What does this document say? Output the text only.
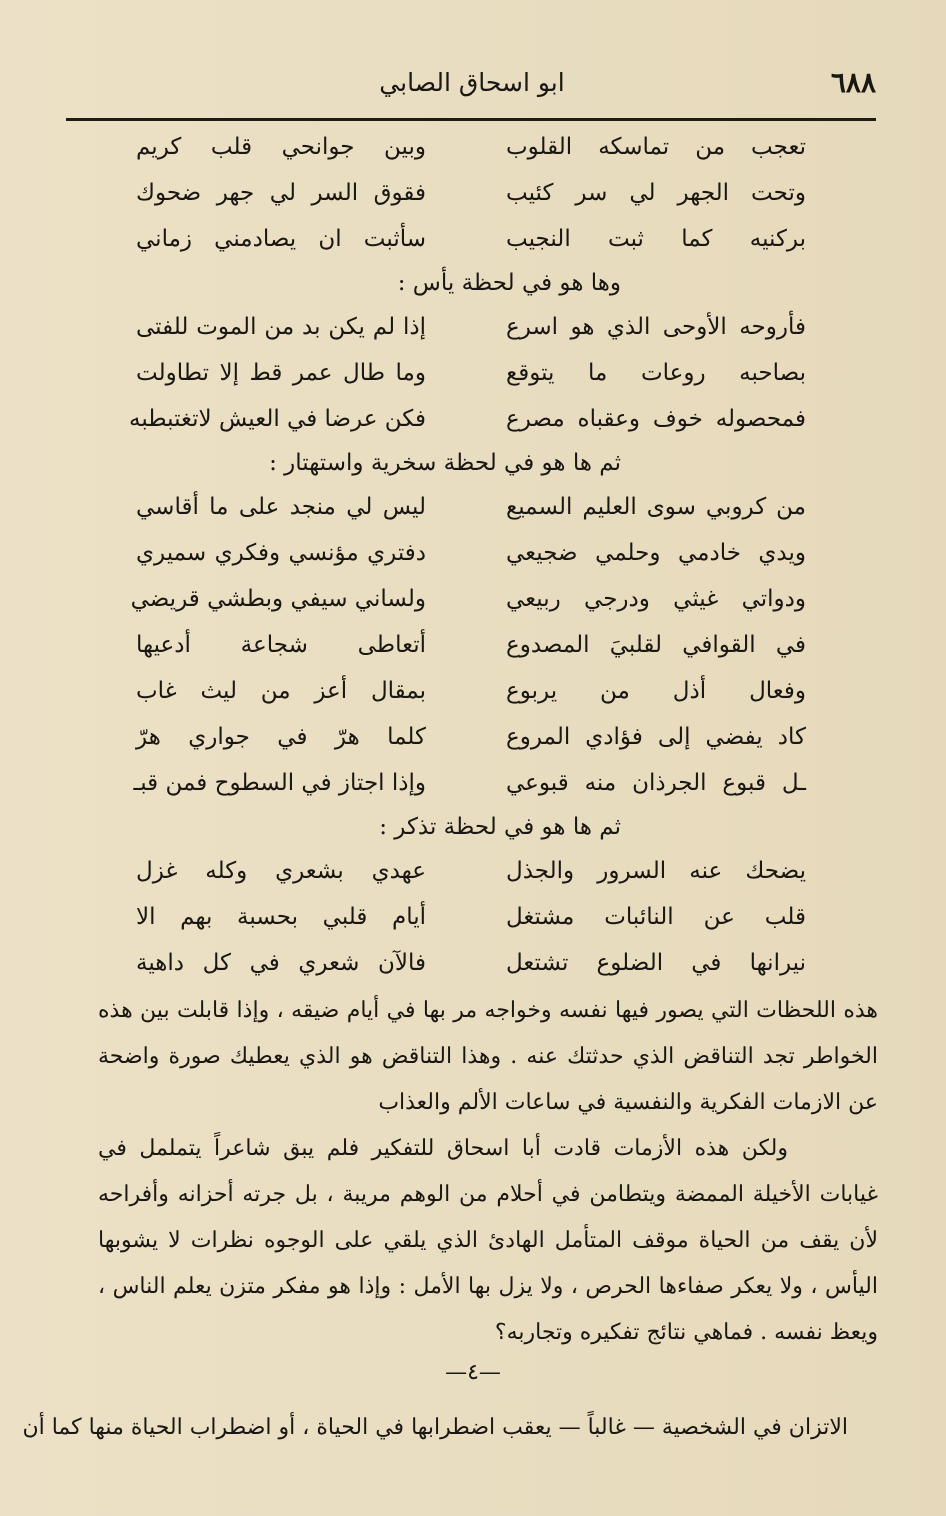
٦٨٨
ابو اسحاق الصابي
وبين جوانحي قلب كريم	تعجب من تماسكه القلوب
فقوق السر لي جهر ضحوك	وتحت الجهر لي سر كئيب
سأثبت ان يصادمني زماني	بركنيه كما ثبت النجيب
وها هو في لحظة يأس :
إذا لم يكن بد من الموت للفتى	فأروحه الأوحى الذي هو اسرع
وما طال عمر قط إلا تطاولت	بصاحبه روعات ما يتوقع
فكن عرضا في العيش لاتغتبطبه	فمحصوله خوف وعقباه مصرع
ثم ها هو في لحظة سخرية واستهتار :
ليس لي منجد على ما أقاسي	من كروبي سوى العليم السميع
دفتري مؤنسي وفكري سميري	ويدي خادمي وحلمي ضجيعي
ولساني سيفي وبطشي قريضي	ودواتي غيثي ودرجي ربيعي
أتعاطى شجاعة أدعيها	في القوافي لقلبيَ المصدوع
بمقال أعز من ليث غاب	وفعال أذل من يربوع
كلما هرّ في جواري هرّ	كاد يفضي إلى فؤادي المروع
وإذا اجتاز في السطوح فمن قبـ	ـل قبوع الجرذان منه قبوعي
ثم ها هو في لحظة تذكر :
عهدي بشعري وكله غزل	يضحك عنه السرور والجذل
أيام قلبي بحسبة بهم الا	قلب عن النائبات مشتغل
فالآن شعري في كل داهية	نيرانها في الضلوع تشتعل

هذه اللحظات التي يصور فيها نفسه وخواجه مر بها في أيام ضيقه ، وإذا قابلت بين هذه الخواطر تجد التناقض الذي حدثتك عنه . وهذا التناقض هو الذي يعطيك صورة واضحة عن الازمات الفكرية والنفسية في ساعات الألم والعذاب

ولكن هذه الأزمات قادت أبا اسحاق للتفكير فلم يبق شاعراً يتململ في غيابات الأخيلة الممضة ويتطامن في أحلام من الوهم مريبة ، بل جرته أحزانه وأفراحه لأن يقف من الحياة موقف المتأمل الهادئ الذي يلقي على الوجوه نظرات لا يشوبها اليأس ، ولا يعكر صفاءها الحرص ، ولا يزل بها الأمل : وإذا هو مفكر متزن يعلم الناس ، ويعظ نفسه . فماهي نتائج تفكيره وتجاربه؟

—٤—
الاتزان في الشخصية — غالباً — يعقب اضطرابها في الحياة ، أو اضطراب الحياة منها كما أن
